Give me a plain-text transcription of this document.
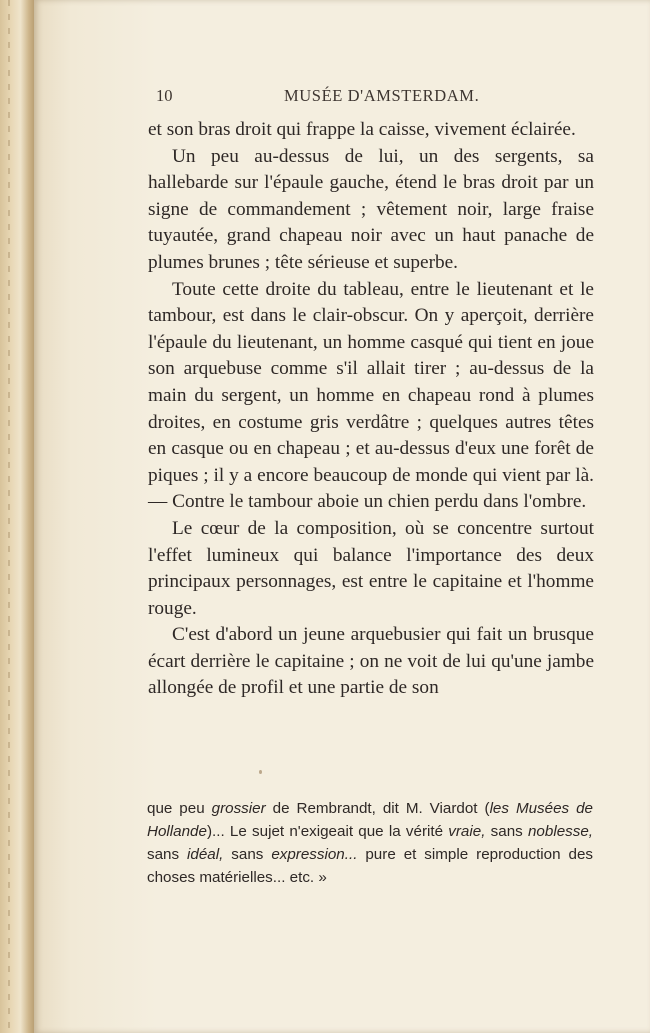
10	MUSÉE D'AMSTERDAM.

et son bras droit qui frappe la caisse, vivement éclairée.

Un peu au-dessus de lui, un des sergents, sa hallebarde sur l'épaule gauche, étend le bras droit par un signe de commandement ; vêtement noir, large fraise tuyautée, grand chapeau noir avec un haut panache de plumes brunes ; tête sérieuse et superbe.

Toute cette droite du tableau, entre le lieutenant et le tambour, est dans le clair-obscur. On y aperçoit, derrière l'épaule du lieutenant, un homme casqué qui tient en joue son arquebuse comme s'il allait tirer ; au-dessus de la main du sergent, un homme en chapeau rond à plumes droites, en costume gris verdâtre ; quelques autres têtes en casque ou en chapeau ; et au-dessus d'eux une forêt de piques ; il y a encore beaucoup de monde qui vient par là. — Contre le tambour aboie un chien perdu dans l'ombre.

Le cœur de la composition, où se concentre surtout l'effet lumineux qui balance l'importance des deux principaux personnages, est entre le capitaine et l'homme rouge.

C'est d'abord un jeune arquebusier qui fait un brusque écart derrière le capitaine ; on ne voit de lui qu'une jambe allongée de profil et une partie de son

que peu grossier de Rembrandt, dit M. Viardot (les Musées de Hollande)... Le sujet n'exigeait que la vérité vraie, sans noblesse, sans idéal, sans expression... pure et simple reproduction des choses matérielles... etc. »
